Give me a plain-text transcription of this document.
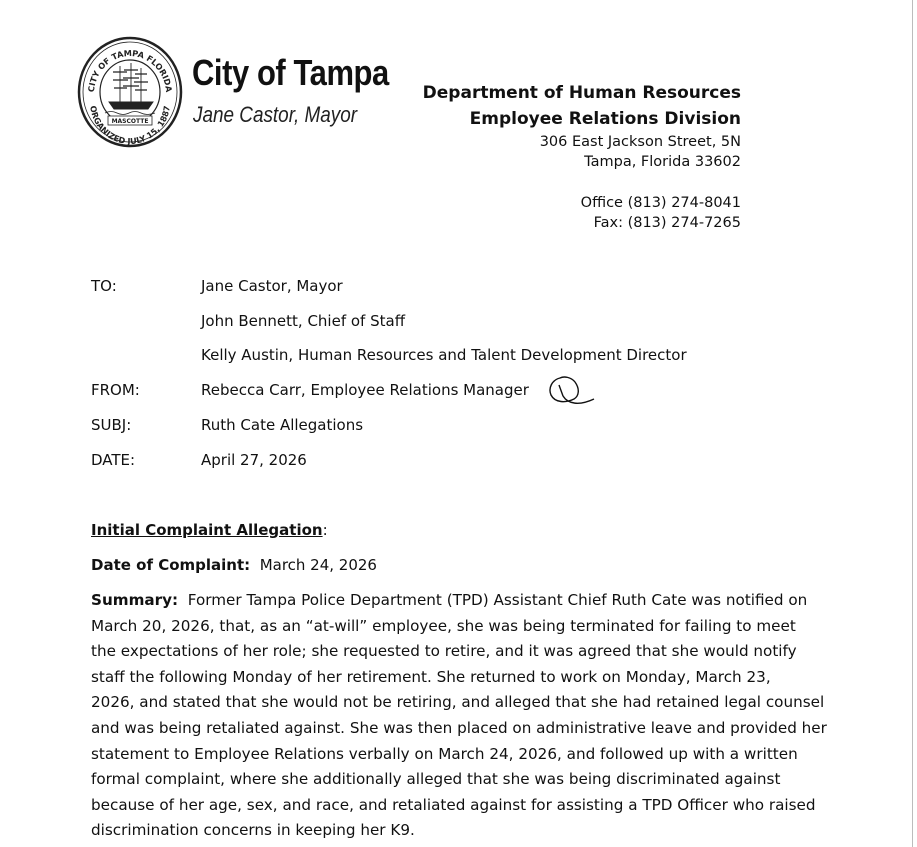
CITY OF TAMPA FLORIDA
ORGANIZED JULY 15, 1887
MASCOTTE
City of Tampa
Jane Castor, Mayor
Department of Human Resources
Employee Relations Division
306 East Jackson Street, 5N
Tampa, Florida 33602
Office (813) 274-8041
Fax: (813) 274-7265
TO:	Jane Castor, Mayor
John Bennett, Chief of Staff
Kelly Austin, Human Resources and Talent Development Director
FROM:	Rebecca Carr, Employee Relations Manager
SUBJ:	Ruth Cate Allegations
DATE:	April 27, 2026
Initial Complaint Allegation:
Date of Complaint: March 24, 2026
Summary: Former Tampa Police Department (TPD) Assistant Chief Ruth Cate was notified on
March 20, 2026, that, as an “at-will” employee, she was being terminated for failing to meet
the expectations of her role; she requested to retire, and it was agreed that she would notify
staff the following Monday of her retirement. She returned to work on Monday, March 23,
2026, and stated that she would not be retiring, and alleged that she had retained legal counsel
and was being retaliated against. She was then placed on administrative leave and provided her
statement to Employee Relations verbally on March 24, 2026, and followed up with a written
formal complaint, where she additionally alleged that she was being discriminated against
because of her age, sex, and race, and retaliated against for assisting a TPD Officer who raised
discrimination concerns in keeping her K9.
